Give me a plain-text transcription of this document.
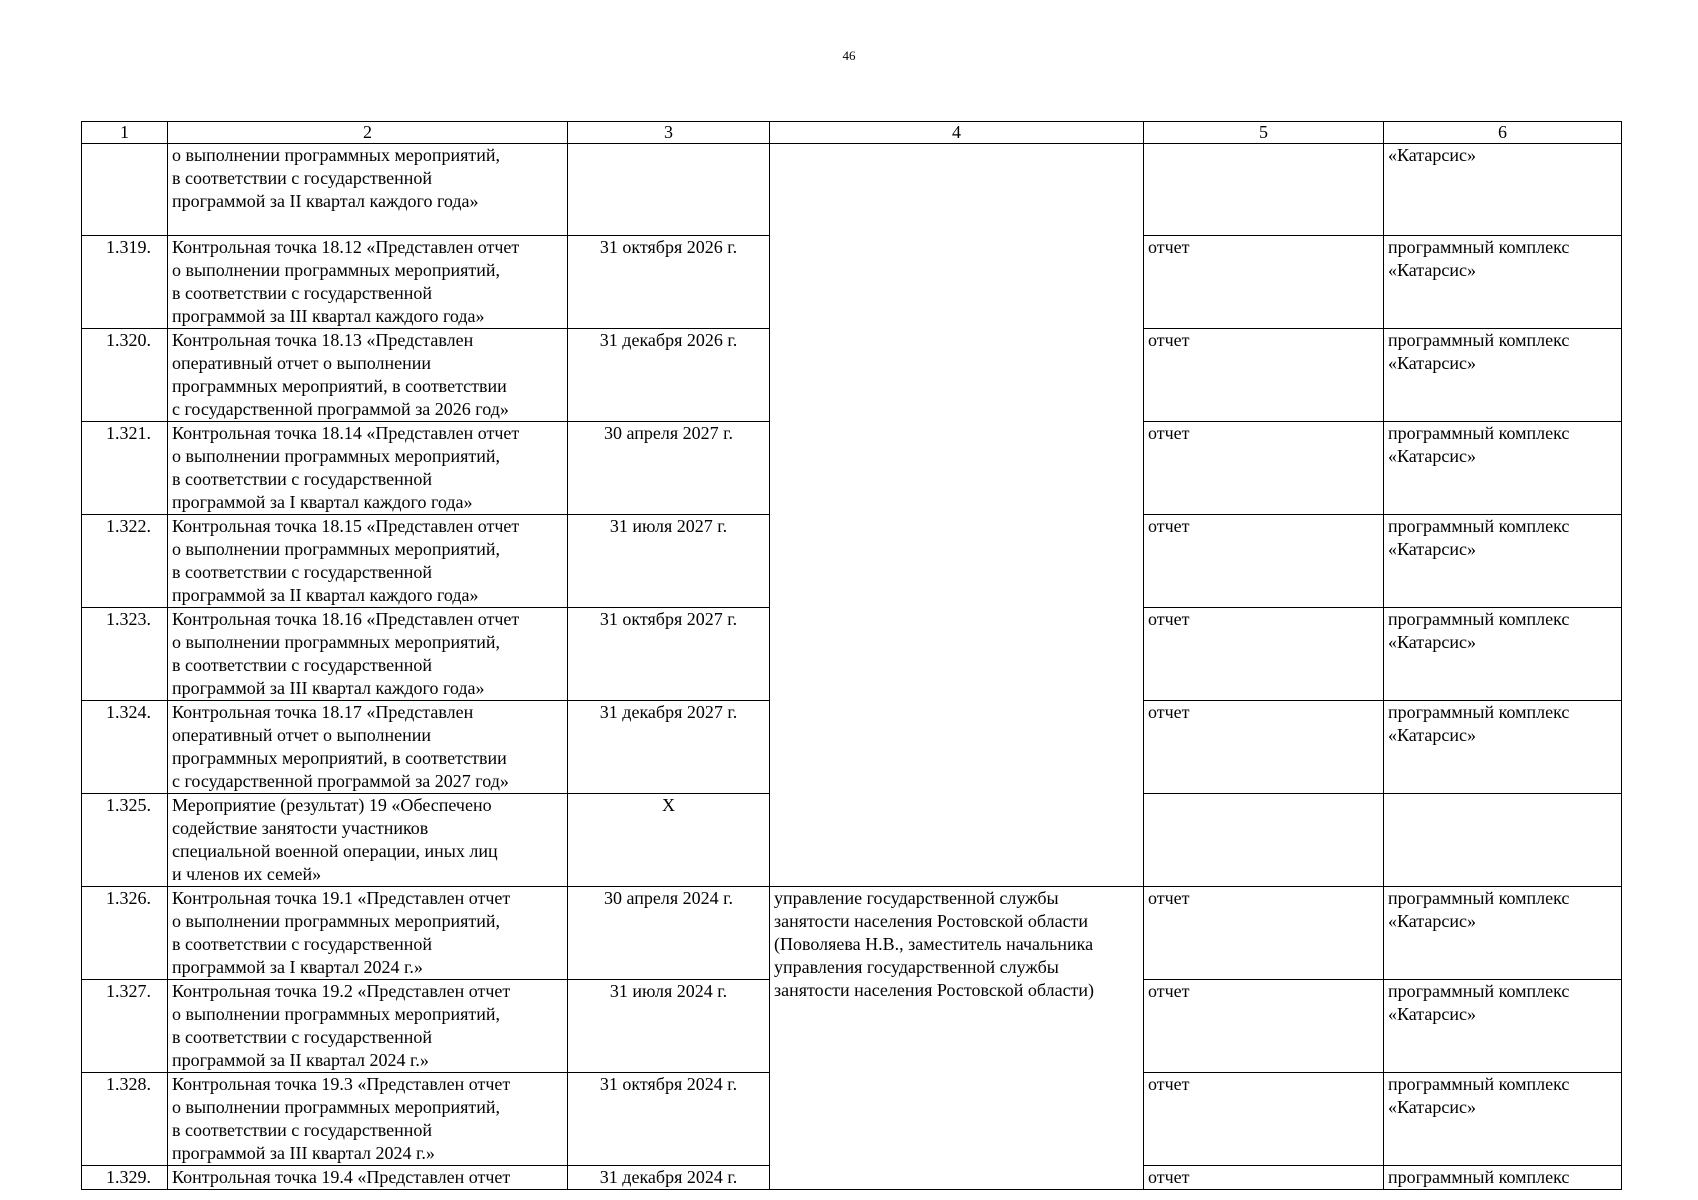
46
1	2	3	4	5	6
	о выполнении программных мероприятий,
в соответствии с государственной
программой за II квартал каждого года»				«Катарсис»
1.319.	Контрольная точка 18.12 «Представлен отчет
о выполнении программных мероприятий,
в соответствии с государственной
программой за III квартал каждого года»	31 октября 2026 г.		отчет	программный комплекс
«Катарсис»
1.320.	Контрольная точка 18.13 «Представлен
оперативный отчет о выполнении
программных мероприятий, в соответствии
с государственной программой за 2026 год»	31 декабря 2026 г.		отчет	программный комплекс
«Катарсис»
1.321.	Контрольная точка 18.14 «Представлен отчет
о выполнении программных мероприятий,
в соответствии с государственной
программой за I квартал каждого года»	30 апреля 2027 г.		отчет	программный комплекс
«Катарсис»
1.322.	Контрольная точка 18.15 «Представлен отчет
о выполнении программных мероприятий,
в соответствии с государственной
программой за II квартал каждого года»	31 июля 2027 г.		отчет	программный комплекс
«Катарсис»
1.323.	Контрольная точка 18.16 «Представлен отчет
о выполнении программных мероприятий,
в соответствии с государственной
программой за III квартал каждого года»	31 октября 2027 г.		отчет	программный комплекс
«Катарсис»
1.324.	Контрольная точка 18.17 «Представлен
оперативный отчет о выполнении
программных мероприятий, в соответствии
с государственной программой за 2027 год»	31 декабря 2027 г.		отчет	программный комплекс
«Катарсис»
1.325.	Мероприятие (результат) 19 «Обеспечено
содействие занятости участников
специальной военной операции, иных лиц
и членов их семей»	Х			
1.326.	Контрольная точка 19.1 «Представлен отчет
о выполнении программных мероприятий,
в соответствии с государственной
программой за I квартал 2024 г.»	30 апреля 2024 г.	управление государственной службы
занятости населения Ростовской области
(Поволяева Н.В., заместитель начальника
управления государственной службы
занятости населения Ростовской области)	отчет	программный комплекс
«Катарсис»
1.327.	Контрольная точка 19.2 «Представлен отчет
о выполнении программных мероприятий,
в соответствии с государственной
программой за II квартал 2024 г.»	31 июля 2024 г.		отчет	программный комплекс
«Катарсис»
1.328.	Контрольная точка 19.3 «Представлен отчет
о выполнении программных мероприятий,
в соответствии с государственной
программой за III квартал 2024 г.»	31 октября 2024 г.		отчет	программный комплекс
«Катарсис»
1.329.	Контрольная точка 19.4 «Представлен отчет	31 декабря 2024 г.		отчет	программный комплекс
